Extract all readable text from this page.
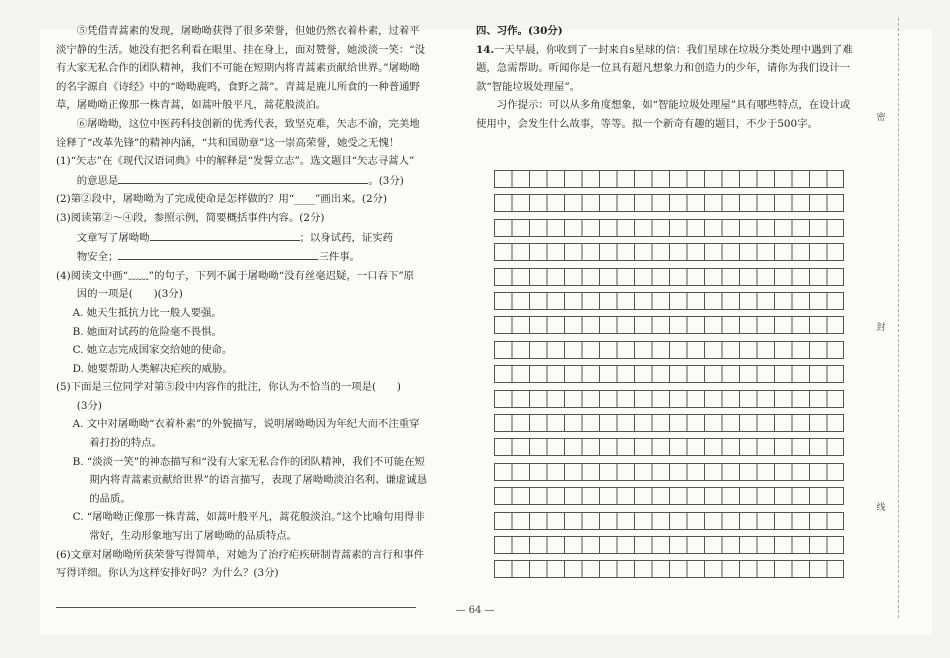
⑤凭借青蒿素的发现，屠呦呦获得了很多荣誉，但她仍然衣着朴素，过着平淡宁静的生活。她没有把名利看在眼里、挂在身上，面对赞誉，她淡淡一笑：“没有大家无私合作的团队精神，我们不可能在短期内将青蒿素贡献给世界。”屠呦呦的名字源自《诗经》中的“呦呦鹿鸣，食野之蒿”。青蒿是鹿儿所食的一种普通野草，屠呦呦正像那一株青蒿，如蒿叶般平凡，蒿花般淡泊。

⑥屠呦呦，这位中医药科技创新的优秀代表，致坚克难，矢志不渝，完美地诠释了“改革先锋”的精神内涵，“共和国勋章”这一崇高荣誉，她受之无愧！

(1)“矢志”在《现代汉语词典》中的解释是“发誓立志”。选文题目“矢志寻蒿人”

的意思是	。(3分)

(2)第②段中，屠呦呦为了完成使命是怎样做的？用“____”画出来。(2分)

(3)阅读第②～④段，参照示例，简要概括事件内容。(2分)

文章写了屠呦呦	；以身试药，证实药

物安全；	三件事。

(4)阅读文中画“﹏﹏”的句子，下列不属于屠呦呦“没有丝毫迟疑，一口吞下”原

因的一项是(　　)(3分)

A. 她天生抵抗力比一般人要强。

B. 她面对试药的危险毫不畏惧。

C. 她立志完成国家交给她的使命。

D. 她要帮助人类解决疟疾的威胁。

(5)下面是三位同学对第⑤段中内容作的批注，你认为不恰当的一项是(　　)

(3分)

A. 文中对屠呦呦“衣着朴素”的外貌描写，说明屠呦呦因为年纪大而不注重穿着打扮的特点。

B. “淡淡一笑”的神态描写和“没有大家无私合作的团队精神，我们不可能在短期内将青蒿素贡献给世界”的语言描写，表现了屠呦呦淡泊名利、谦虚诚恳的品质。

C. “屠呦呦正像那一株青蒿，如蒿叶般平凡，蒿花般淡泊。”这个比喻句用得非常好，生动形象地写出了屠呦呦的品质特点。

(6)文章对屠呦呦所获荣誉写得简单，对她为了治疗疟疾研制青蒿素的言行和事件写得详细。你认为这样安排好吗？为什么？(3分)

四、习作。(30分)

14.一天早晨，你收到了一封来自s星球的信：我们星球在垃圾分类处理中遇到了难题，急需帮助。听闻你是一位具有超凡想象力和创造力的少年，请你为我们设计一款“智能垃圾处理屋”。

习作提示：可以从多角度想象，如“智能垃圾处理屋”具有哪些特点，在设计或使用中，会发生什么故事，等等。拟一个新奇有趣的题目，不少于500字。	密
封
线
— 64 —
